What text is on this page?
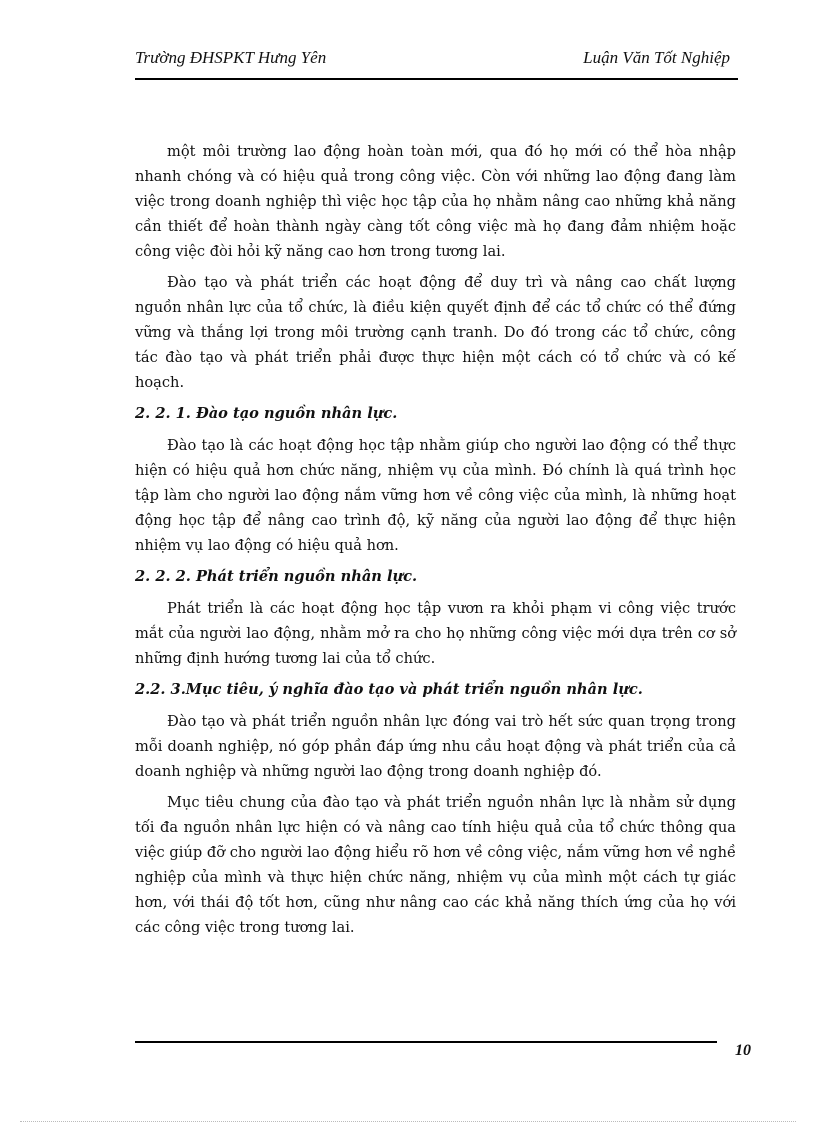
Trường ĐHSPKT Hưng Yên	Luận Văn Tốt Nghiệp

một môi trường lao động hoàn toàn mới, qua đó họ mới có thể hòa nhập nhanh chóng và có hiệu quả trong công việc. Còn với những lao động đang làm việc trong doanh nghiệp thì việc học tập của họ nhằm nâng cao những khả năng cần thiết để hoàn thành ngày càng tốt công việc mà họ đang đảm nhiệm hoặc công việc đòi hỏi kỹ năng cao hơn trong tương lai.

Đào tạo và phát triển các hoạt động để duy trì và nâng cao chất lượng nguồn nhân lực của tổ chức, là điều kiện quyết định để các tổ chức có thể đứng vững và thắng lợi trong môi trường cạnh tranh. Do đó trong các tổ chức, công tác đào tạo và phát triển phải được thực hiện một cách có tổ chức và có kế hoạch.

2. 2. 1. Đào tạo nguồn nhân lực.

Đào tạo là các hoạt động học tập nhằm giúp cho người lao động có thể thực hiện có hiệu quả hơn chức năng, nhiệm vụ của mình. Đó chính là quá trình học tập làm cho người lao động nắm vững hơn về công việc của mình, là những hoạt động học tập để nâng cao trình độ, kỹ năng của người lao động để thực hiện nhiệm vụ lao động có hiệu quả hơn.

2. 2. 2. Phát triển nguồn nhân lực.

Phát triển là các hoạt động học tập vươn ra khỏi phạm vi công việc trước mắt của người lao động, nhằm mở ra cho họ những công việc mới dựa trên cơ sở những định hướng tương lai của tổ chức.

2.2. 3.Mục tiêu, ý nghĩa đào tạo và phát triển nguồn nhân lực.

Đào tạo và phát triển nguồn nhân lực đóng vai trò hết sức quan trọng trong mỗi doanh nghiệp, nó góp phần đáp ứng nhu cầu hoạt động và phát triển của cả doanh nghiệp và những người lao động trong doanh nghiệp đó.

Mục tiêu chung của đào tạo và phát triển nguồn nhân lực là nhằm sử dụng tối đa nguồn nhân lực hiện có và nâng cao tính hiệu quả của tổ chức thông qua việc giúp đỡ cho người lao động hiểu rõ hơn về công việc, nắm vững hơn về nghề nghiệp của mình và thực hiện chức năng, nhiệm vụ của mình một cách tự giác hơn, với thái độ tốt hơn, cũng như nâng cao các khả năng thích ứng của họ với các công việc trong tương lai.

10
